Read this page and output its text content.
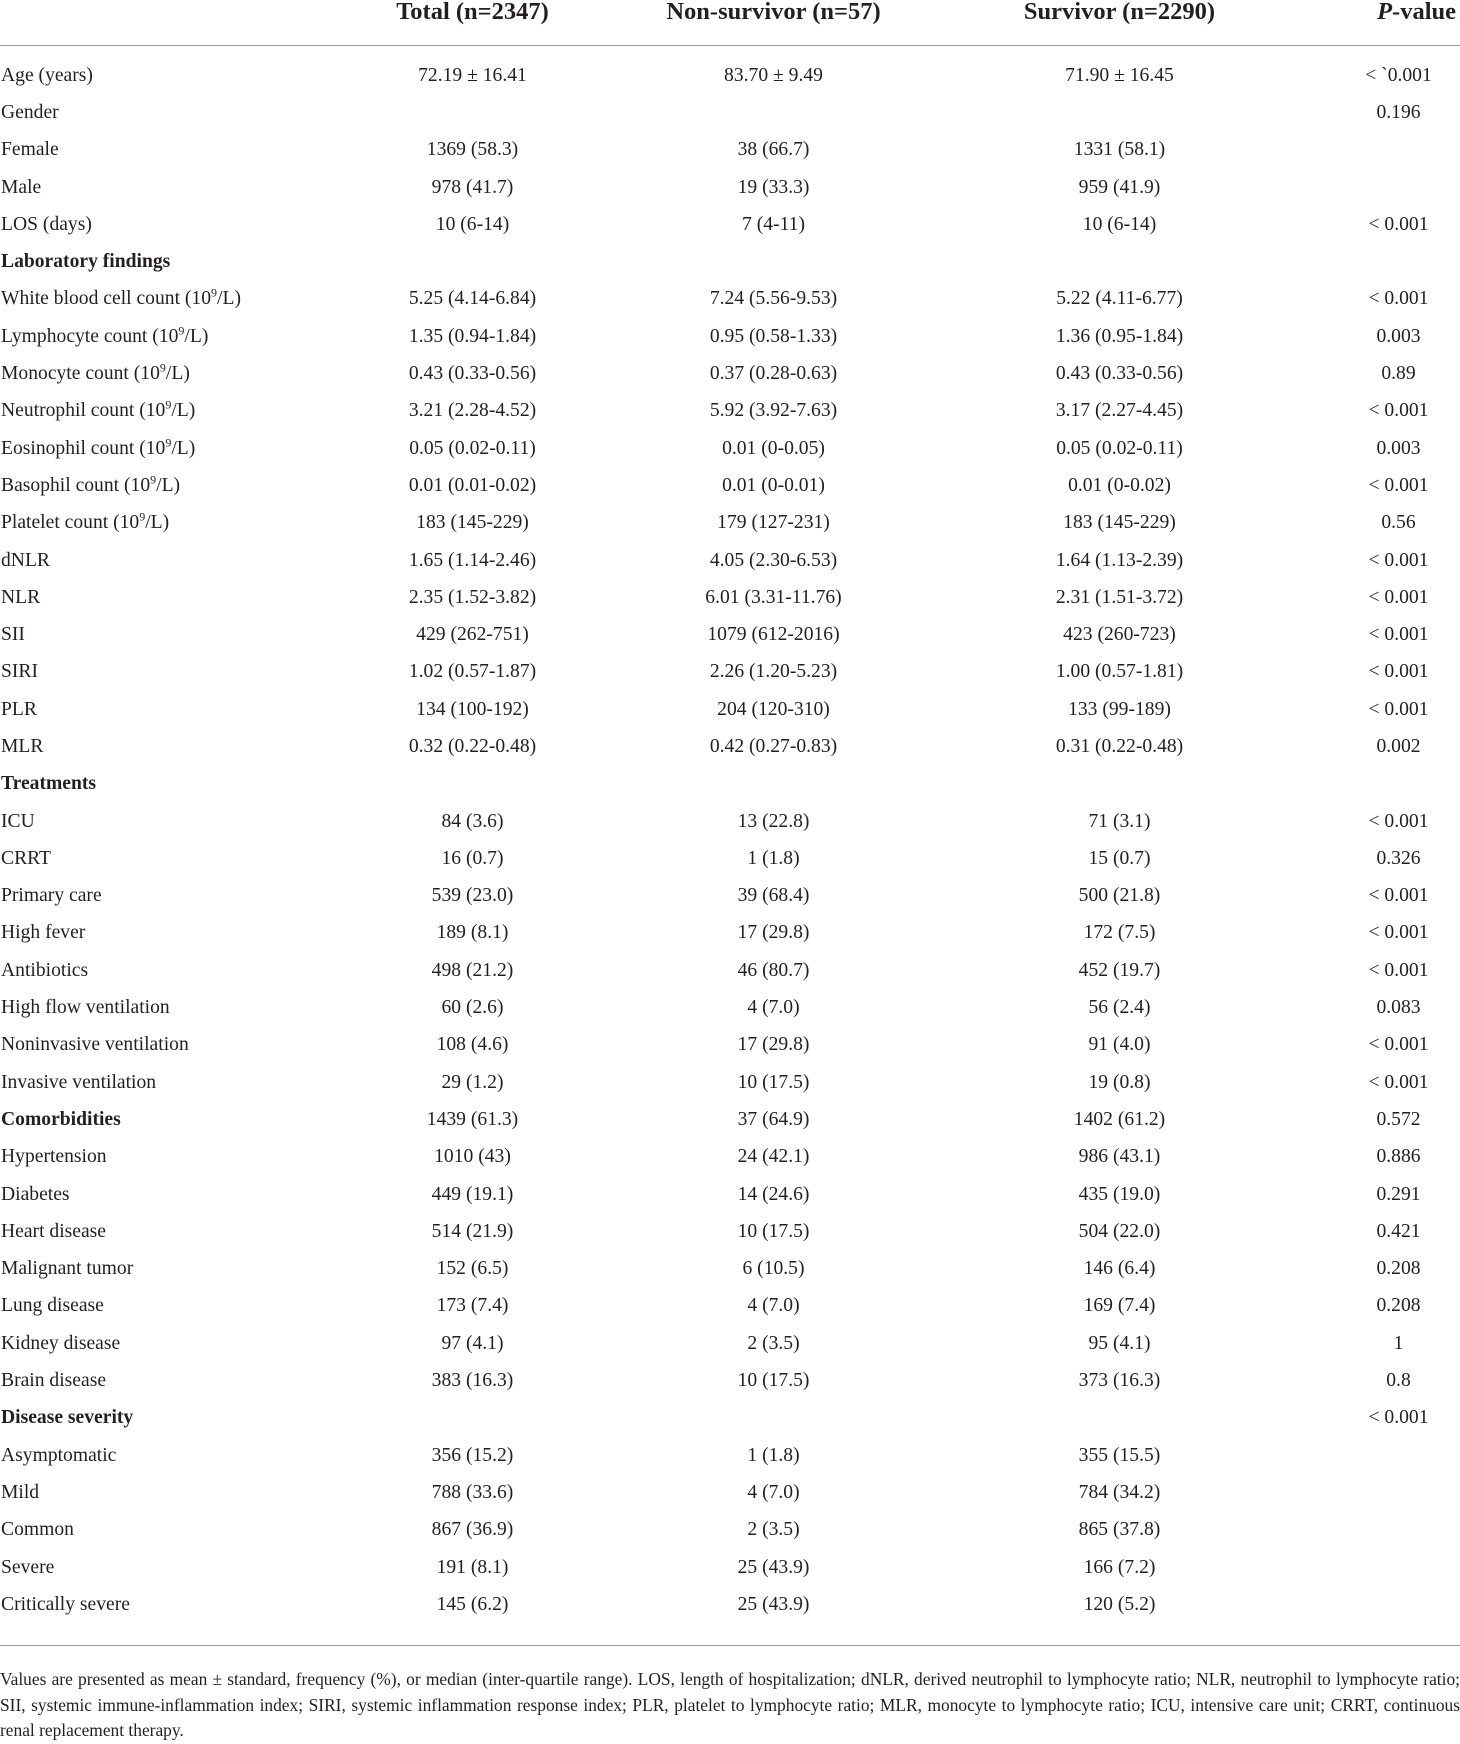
	Total (n=2347)	Non-survivor (n=57)	Survivor (n=2290)	P-value

Age (years)	72.19 ± 16.41	83.70 ± 9.49	71.90 ± 16.45	< `0.001
Gender				0.196
Female	1369 (58.3)	38 (66.7)	1331 (58.1)	
Male	978 (41.7)	19 (33.3)	959 (41.9)	
LOS (days)	10 (6-14)	7 (4-11)	10 (6-14)	< 0.001
Laboratory findings				
White blood cell count $(10^9/L)$	5.25 (4.14-6.84)	7.24 (5.56-9.53)	5.22 (4.11-6.77)	< 0.001
Lymphocyte count $(10^9/L)$	1.35 (0.94-1.84)	0.95 (0.58-1.33)	1.36 (0.95-1.84)	0.003
Monocyte count $(10^9/L)$	0.43 (0.33-0.56)	0.37 (0.28-0.63)	0.43 (0.33-0.56)	0.89
Neutrophil count $(10^9/L)$	3.21 (2.28-4.52)	5.92 (3.92-7.63)	3.17 (2.27-4.45)	< 0.001
Eosinophil count $(10^9/L)$	0.05 (0.02-0.11)	0.01 (0-0.05)	0.05 (0.02-0.11)	0.003
Basophil count $(10^9/L)$	0.01 (0.01-0.02)	0.01 (0-0.01)	0.01 (0-0.02)	< 0.001
Platelet count $(10^9/L)$	183 (145-229)	179 (127-231)	183 (145-229)	0.56
dNLR	1.65 (1.14-2.46)	4.05 (2.30-6.53)	1.64 (1.13-2.39)	< 0.001
NLR	2.35 (1.52-3.82)	6.01 (3.31-11.76)	2.31 (1.51-3.72)	< 0.001
SII	429 (262-751)	1079 (612-2016)	423 (260-723)	< 0.001
SIRI	1.02 (0.57-1.87)	2.26 (1.20-5.23)	1.00 (0.57-1.81)	< 0.001
PLR	134 (100-192)	204 (120-310)	133 (99-189)	< 0.001
MLR	0.32 (0.22-0.48)	0.42 (0.27-0.83)	0.31 (0.22-0.48)	0.002
Treatments				
ICU	84 (3.6)	13 (22.8)	71 (3.1)	< 0.001
CRRT	16 (0.7)	1 (1.8)	15 (0.7)	0.326
Primary care	539 (23.0)	39 (68.4)	500 (21.8)	< 0.001
High fever	189 (8.1)	17 (29.8)	172 (7.5)	< 0.001
Antibiotics	498 (21.2)	46 (80.7)	452 (19.7)	< 0.001
High flow ventilation	60 (2.6)	4 (7.0)	56 (2.4)	0.083
Noninvasive ventilation	108 (4.6)	17 (29.8)	91 (4.0)	< 0.001
Invasive ventilation	29 (1.2)	10 (17.5)	19 (0.8)	< 0.001
Comorbidities	1439 (61.3)	37 (64.9)	1402 (61.2)	0.572
Hypertension	1010 (43)	24 (42.1)	986 (43.1)	0.886
Diabetes	449 (19.1)	14 (24.6)	435 (19.0)	0.291
Heart disease	514 (21.9)	10 (17.5)	504 (22.0)	0.421
Malignant tumor	152 (6.5)	6 (10.5)	146 (6.4)	0.208
Lung disease	173 (7.4)	4 (7.0)	169 (7.4)	0.208
Kidney disease	97 (4.1)	2 (3.5)	95 (4.1)	1
Brain disease	383 (16.3)	10 (17.5)	373 (16.3)	0.8
Disease severity				< 0.001
Asymptomatic	356 (15.2)	1 (1.8)	355 (15.5)	
Mild	788 (33.6)	4 (7.0)	784 (34.2)	
Common	867 (36.9)	2 (3.5)	865 (37.8)	
Severe	191 (8.1)	25 (43.9)	166 (7.2)	
Critically severe	145 (6.2)	25 (43.9)	120 (5.2)	

Values are presented as mean ± standard, frequency (%), or median (inter-quartile range). LOS, length of hospitalization; dNLR, derived neutrophil to lymphocyte ratio; NLR, neutrophil to lymphocyte ratio; SII, systemic immune-inflammation index; SIRI, systemic inflammation response index; PLR, platelet to lymphocyte ratio; MLR, monocyte to lymphocyte ratio; ICU, intensive care unit; CRRT, continuous renal replacement therapy.
